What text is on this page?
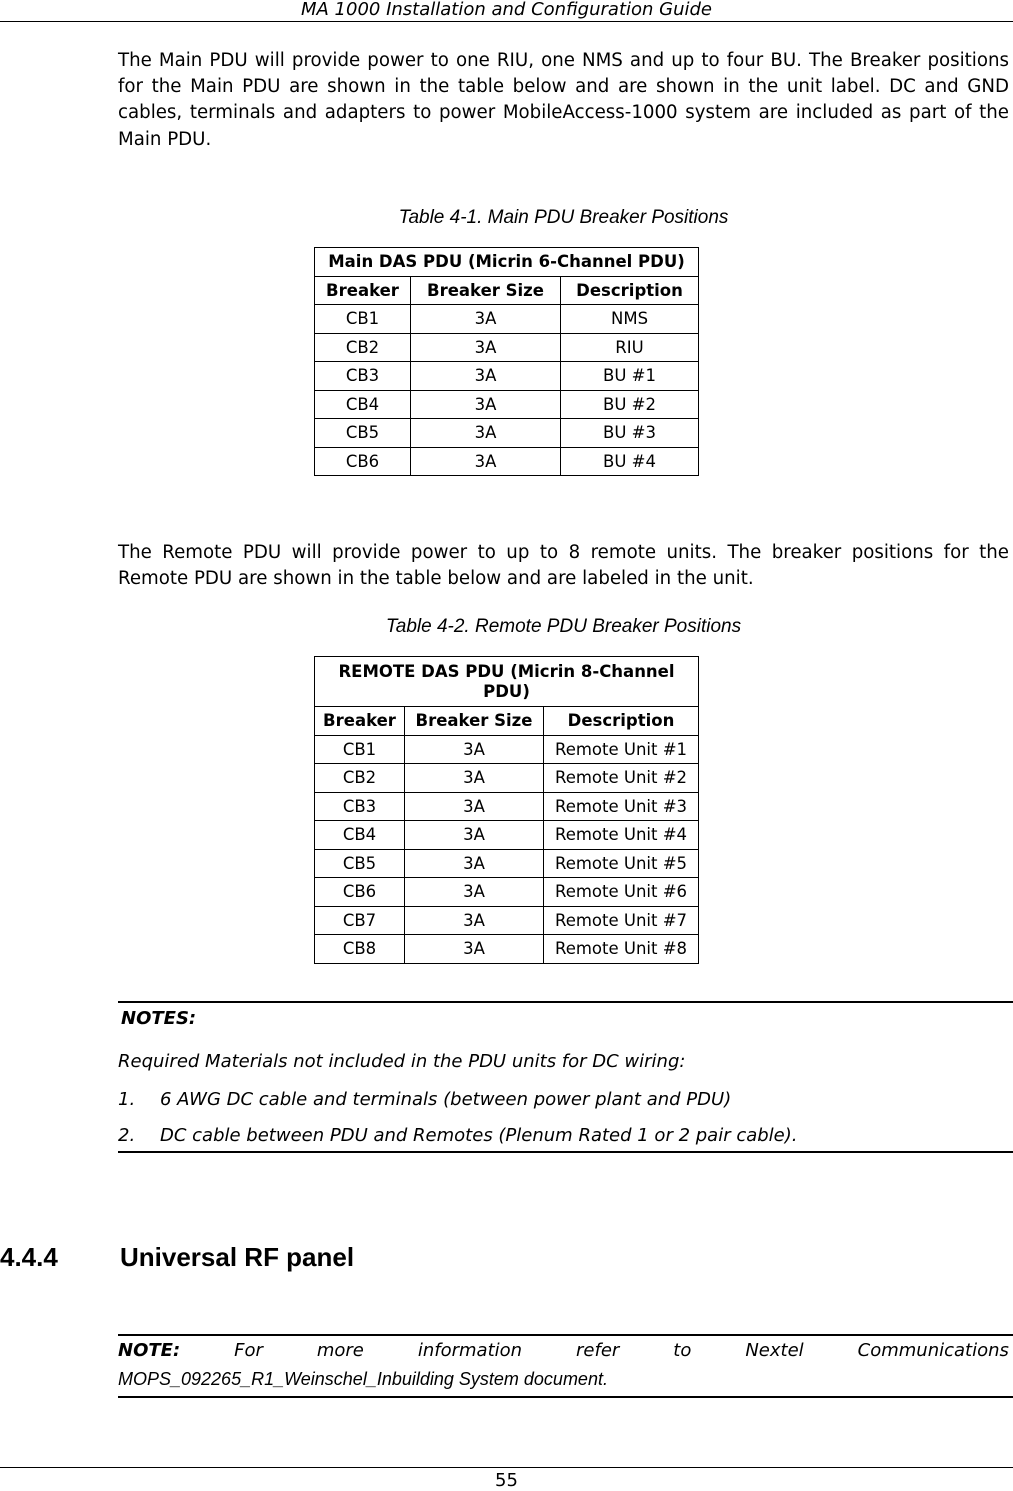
MA 1000 Installation and Configuration Guide
The Main PDU will provide power to one RIU, one NMS and up to four BU. The Breaker positions for the Main PDU are shown in the table below and are shown in the unit label. DC and GND cables, terminals and adapters to power MobileAccess-1000 system are included as part of the Main PDU.
Table 4-1. Main PDU Breaker Positions
Main DAS PDU (Micrin 6-Channel PDU)		
Breaker	Breaker Size	Description
CB1	3A	NMS
CB2	3A	RIU
CB3	3A	BU #1
CB4	3A	BU #2
CB5	3A	BU #3
CB6	3A	BU #4
The Remote PDU will provide power to up to 8 remote units. The breaker positions for the Remote PDU are shown in the table below and are labeled in the unit.
Table 4-2. Remote PDU Breaker Positions
REMOTE DAS PDU (Micrin 8-Channel PDU)		
Breaker	Breaker Size	Description
CB1	3A	Remote Unit #1
CB2	3A	Remote Unit #2
CB3	3A	Remote Unit #3
CB4	3A	Remote Unit #4
CB5	3A	Remote Unit #5
CB6	3A	Remote Unit #6
CB7	3A	Remote Unit #7
CB8	3A	Remote Unit #8
NOTES:
Required Materials not included in the PDU units for DC wiring:
1. 6 AWG DC cable and terminals (between power plant and PDU)
2. DC cable between PDU and Remotes (Plenum Rated 1 or 2 pair cable).
4.4.4 Universal RF panel
NOTE:	For	more	information	refer	to	Nextel	Communications
MOPS_092265_R1_Weinschel_Inbuilding System document.
55
